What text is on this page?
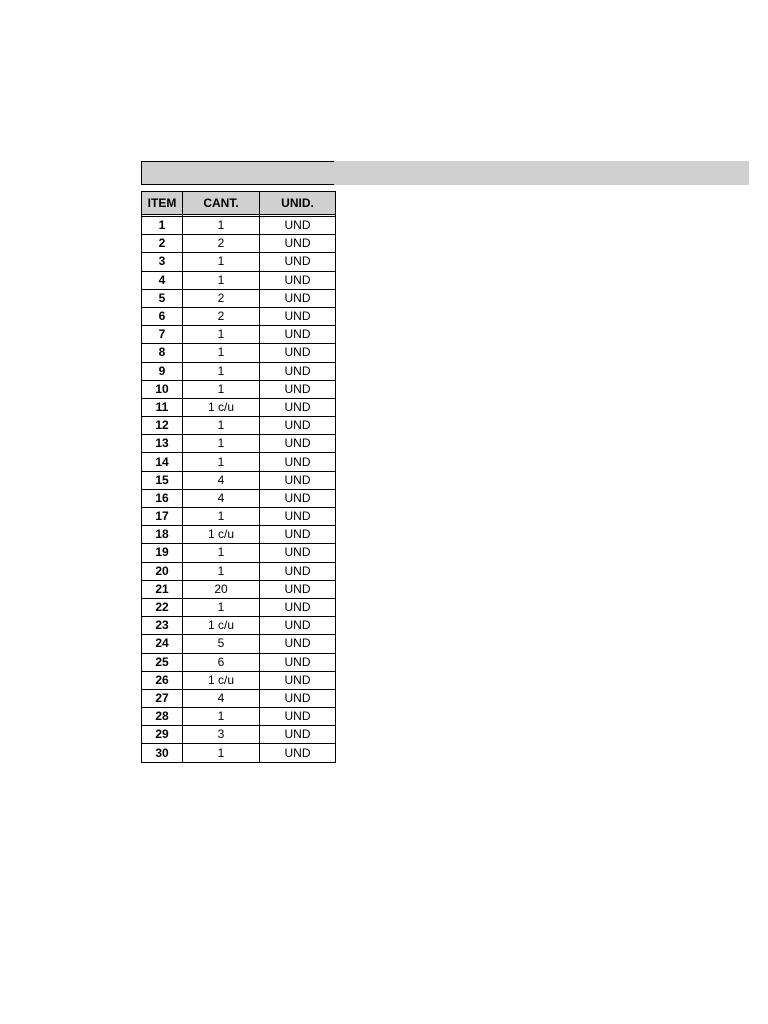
ITEM	CANT.	UNID.

1	1	UND
2	2	UND
3	1	UND
4	1	UND
5	2	UND
6	2	UND
7	1	UND
8	1	UND
9	1	UND
10	1	UND
11	1 c/u	UND
12	1	UND
13	1	UND
14	1	UND
15	4	UND
16	4	UND
17	1	UND
18	1 c/u	UND
19	1	UND
20	1	UND
21	20	UND
22	1	UND
23	1 c/u	UND
24	5	UND
25	6	UND
26	1 c/u	UND
27	4	UND
28	1	UND
29	3	UND
30	1	UND
